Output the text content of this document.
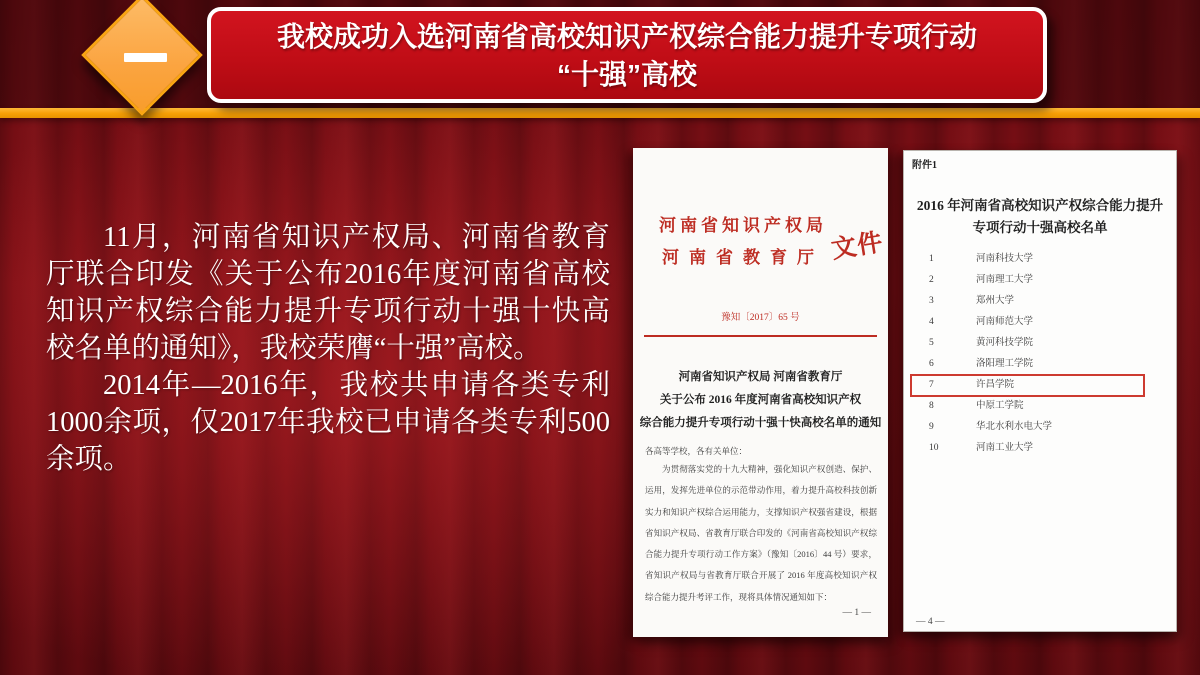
我校成功入选河南省高校知识产权综合能力提升专项行动
“十强”高校

11月，河南省知识产权局、河南省教育厅联合印发《关于公布2016年度河南省高校知识产权综合能力提升专项行动十强十快高校名单的通知》，我校荣膺“十强”高校。

2014年—2016年，我校共申请各类专利1000余项，仅2017年我校已申请各类专利500余项。

河南省知识产权局
河南省教育厅 文件
豫知〔2017〕65 号
河南省知识产权局 河南省教育厅
关于公布 2016 年度河南省高校知识产权
综合能力提升专项行动十强十快高校名单的通知
各高等学校，各有关单位：
为贯彻落实党的十九大精神，强化知识产权创造、保护、运用，发挥先进单位的示范带动作用，着力提升高校科技创新实力和知识产权综合运用能力，支撑知识产权强省建设，根据省知识产权局、省教育厅联合印发的《河南省高校知识产权综合能力提升专项行动工作方案》（豫知〔2016〕44 号）要求，省知识产权局与省教育厅联合开展了 2016 年度高校知识产权综合能力提升考评工作，现将具体情况通知如下：
— 1 —
附件1
2016 年河南省高校知识产权综合能力提升
专项行动十强高校名单
1	河南科技大学
2	河南理工大学
3	郑州大学
4	河南师范大学
5	黄河科技学院
6	洛阳理工学院
7	许昌学院
8	中原工学院
9	华北水利水电大学
10	河南工业大学
— 4 —
